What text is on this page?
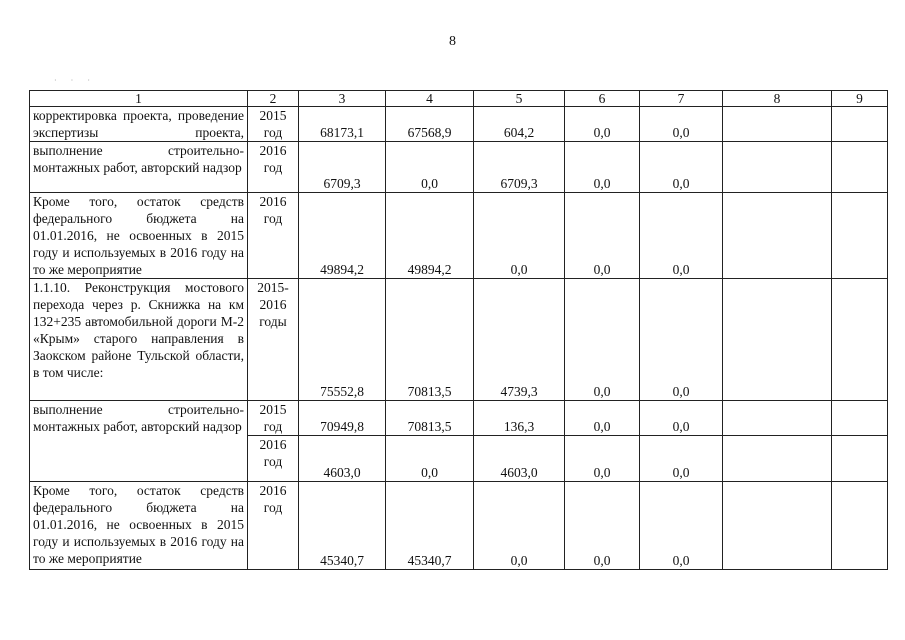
8
· · ·
1	2	3	4	5	6	7	8	9
корректировка проекта, проведение экспертизы проекта,	2015 год	68173,1	67568,9	604,2	0,0	0,0		
выполнение строительно-монтажных работ, авторский надзор	2016 год	6709,3	0,0	6709,3	0,0	0,0		
Кроме того, остаток средств федерального бюджета на 01.01.2016, не освоенных в 2015 году и используемых в 2016 году на то же мероприятие	2016 год	49894,2	49894,2	0,0	0,0	0,0		
1.1.10. Реконструкция мостового перехода через р. Скнижка на км 132+235 автомобильной дороги М-2 «Крым» старого направления в Заокском районе Тульской области, в том числе:	2015-2016 годы	75552,8	70813,5	4739,3	0,0	0,0		
выполнение строительно-монтажных работ, авторский надзор	2015 год	70949,8	70813,5	136,3	0,0	0,0		
	2016 год	4603,0	0,0	4603,0	0,0	0,0		
Кроме того, остаток средств федерального бюджета на 01.01.2016, не освоенных в 2015 году и используемых в 2016 году на то же мероприятие	2016 год	45340,7	45340,7	0,0	0,0	0,0		
